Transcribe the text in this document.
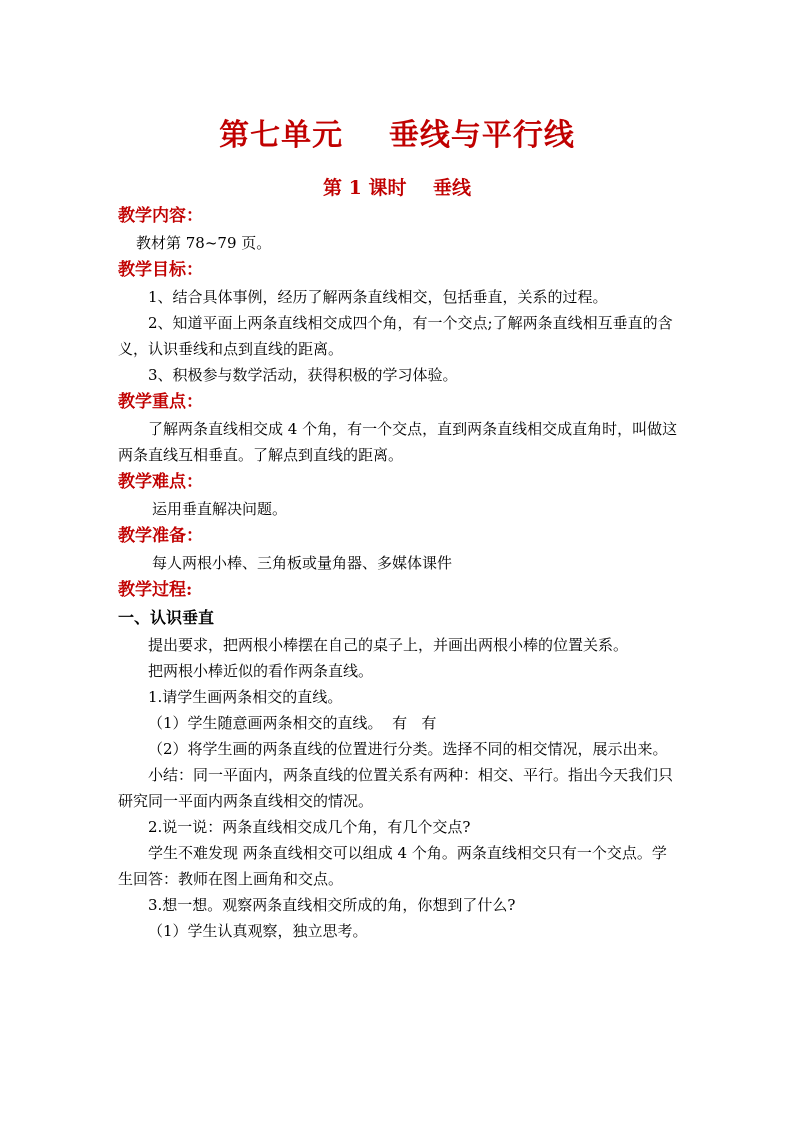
第七单元    垂线与平行线
第 1 课时    垂线

教学内容：

教材第 78~79 页。

教学目标：

1、结合具体事例，经历了解两条直线相交，包括垂直，关系的过程。

2、知道平面上两条直线相交成四个角，有一个交点;了解两条直线相互垂直的含义，认识垂线和点到直线的距离。

3、积极参与数学活动，获得积极的学习体验。

教学重点：

了解两条直线相交成 4 个角，有一个交点，直到两条直线相交成直角时，叫做这两条直线互相垂直。了解点到直线的距离。

教学难点：

运用垂直解决问题。

教学准备：

每人两根小棒、三角板或量角器、多媒体课件

教学过程:

一、认识垂直

提出要求，把两根小棒摆在自己的桌子上，并画出两根小棒的位置关系。

把两根小棒近似的看作两条直线。

1.请学生画两条相交的直线。

（1）学生随意画两条相交的直线。  有   有

（2）将学生画的两条直线的位置进行分类。选择不同的相交情况，展示出来。

小结：同一平面内，两条直线的位置关系有两种：相交、平行。指出今天我们只研究同一平面内两条直线相交的情况。

2.说一说：两条直线相交成几个角，有几个交点?

学生不难发现 两条直线相交可以组成 4 个角。两条直线相交只有一个交点。学生回答：教师在图上画角和交点。

3.想一想。观察两条直线相交所成的角，你想到了什么?

（1）学生认真观察，独立思考。
